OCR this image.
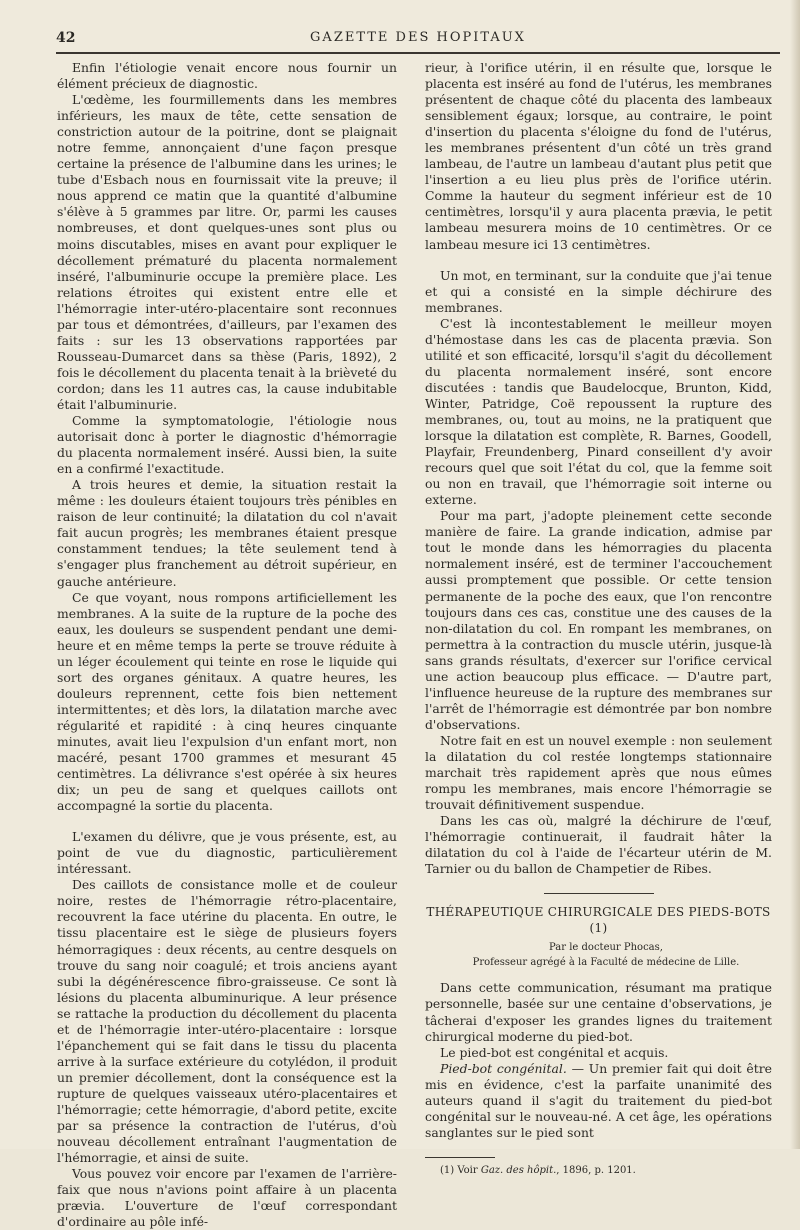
42	GAZETTE DES HOPITAUX

Enfin l'étiologie venait encore nous fournir un élément précieux de diagnostic.

L'œdème, les fourmillements dans les membres inférieurs, les maux de tête, cette sensation de constriction autour de la poitrine, dont se plaignait notre femme, annonçaient d'une façon presque certaine la présence de l'albumine dans les urines; le tube d'Esbach nous en fournissait vite la preuve; il nous apprend ce matin que la quantité d'albumine s'élève à 5 grammes par litre. Or, parmi les causes nombreuses, et dont quelques-unes sont plus ou moins discutables, mises en avant pour expliquer le décollement prématuré du placenta normalement inséré, l'albuminurie occupe la première place. Les relations étroites qui existent entre elle et l'hémorragie inter-utéro-placentaire sont reconnues par tous et démontrées, d'ailleurs, par l'examen des faits : sur les 13 observations rapportées par Rousseau-Dumarcet dans sa thèse (Paris, 1892), 2 fois le décollement du placenta tenait à la brièveté du cordon; dans les 11 autres cas, la cause indubitable était l'albuminurie.

Comme la symptomatologie, l'étiologie nous autorisait donc à porter le diagnostic d'hémorragie du placenta normalement inséré. Aussi bien, la suite en a confirmé l'exactitude.

A trois heures et demie, la situation restait la même : les douleurs étaient toujours très pénibles en raison de leur continuité; la dilatation du col n'avait fait aucun progrès; les membranes étaient presque constamment tendues; la tête seulement tend à s'engager plus franchement au détroit supérieur, en gauche antérieure.

Ce que voyant, nous rompons artificiellement les membranes. A la suite de la rupture de la poche des eaux, les douleurs se suspendent pendant une demi-heure et en même temps la perte se trouve réduite à un léger écoulement qui teinte en rose le liquide qui sort des organes génitaux. A quatre heures, les douleurs reprennent, cette fois bien nettement intermittentes; et dès lors, la dilatation marche avec régularité et rapidité : à cinq heures cinquante minutes, avait lieu l'expulsion d'un enfant mort, non macéré, pesant 1700 grammes et mesurant 45 centimètres. La délivrance s'est opérée à six heures dix; un peu de sang et quelques caillots ont accompagné la sortie du placenta.

L'examen du délivre, que je vous présente, est, au point de vue du diagnostic, particulièrement intéressant.

Des caillots de consistance molle et de couleur noire, restes de l'hémorragie rétro-placentaire, recouvrent la face utérine du placenta. En outre, le tissu placentaire est le siège de plusieurs foyers hémorragiques : deux récents, au centre desquels on trouve du sang noir coagulé; et trois anciens ayant subi la dégénérescence fibro-graisseuse. Ce sont là lésions du placenta albuminurique. A leur présence se rattache la production du décollement du placenta et de l'hémorragie inter-utéro-placentaire : lorsque l'épanchement qui se fait dans le tissu du placenta arrive à la surface extérieure du cotylédon, il produit un premier décollement, dont la conséquence est la rupture de quelques vaisseaux utéro-placentaires et l'hémorragie; cette hémorragie, d'abord petite, excite par sa présence la contraction de l'utérus, d'où nouveau décollement entraînant l'augmentation de l'hémorragie, et ainsi de suite.

Vous pouvez voir encore par l'examen de l'arrière-faix que nous n'avions point affaire à un placenta prævia. L'ouverture de l'œuf correspondant d'ordinaire au pôle infé-

rieur, à l'orifice utérin, il en résulte que, lorsque le placenta est inséré au fond de l'utérus, les membranes présentent de chaque côté du placenta des lambeaux sensiblement égaux; lorsque, au contraire, le point d'insertion du placenta s'éloigne du fond de l'utérus, les membranes présentent d'un côté un très grand lambeau, de l'autre un lambeau d'autant plus petit que l'insertion a eu lieu plus près de l'orifice utérin. Comme la hauteur du segment inférieur est de 10 centimètres, lorsqu'il y aura placenta prævia, le petit lambeau mesurera moins de 10 centimètres. Or ce lambeau mesure ici 13 centimètres.

Un mot, en terminant, sur la conduite que j'ai tenue et qui a consisté en la simple déchirure des membranes.

C'est là incontestablement le meilleur moyen d'hémostase dans les cas de placenta prævia. Son utilité et son efficacité, lorsqu'il s'agit du décollement du placenta normalement inséré, sont encore discutées : tandis que Baudelocque, Brunton, Kidd, Winter, Patridge, Coë repoussent la rupture des membranes, ou, tout au moins, ne la pratiquent que lorsque la dilatation est complète, R. Barnes, Goodell, Playfair, Freundenberg, Pinard conseillent d'y avoir recours quel que soit l'état du col, que la femme soit ou non en travail, que l'hémorragie soit interne ou externe.

Pour ma part, j'adopte pleinement cette seconde manière de faire. La grande indication, admise par tout le monde dans les hémorragies du placenta normalement inséré, est de terminer l'accouchement aussi promptement que possible. Or cette tension permanente de la poche des eaux, que l'on rencontre toujours dans ces cas, constitue une des causes de la non-dilatation du col. En rompant les membranes, on permettra à la contraction du muscle utérin, jusque-là sans grands résultats, d'exercer sur l'orifice cervical une action beaucoup plus efficace. — D'autre part, l'influence heureuse de la rupture des membranes sur l'arrêt de l'hémorragie est démontrée par bon nombre d'observations.

Notre fait en est un nouvel exemple : non seulement la dilatation du col restée longtemps stationnaire marchait très rapidement après que nous eûmes rompu les membranes, mais encore l'hémorragie se trouvait définitivement suspendue.

Dans les cas où, malgré la déchirure de l'œuf, l'hémorragie continuerait, il faudrait hâter la dilatation du col à l'aide de l'écarteur utérin de M. Tarnier ou du ballon de Champetier de Ribes.

THÉRAPEUTIQUE CHIRURGICALE DES PIEDS-BOTS (1)

Par le docteur Phocas,

Professeur agrégé à la Faculté de médecine de Lille.

Dans cette communication, résumant ma pratique personnelle, basée sur une centaine d'observations, je tâcherai d'exposer les grandes lignes du traitement chirurgical moderne du pied-bot.

Le pied-bot est congénital et acquis.

Pied-bot congénital. — Un premier fait qui doit être mis en évidence, c'est la parfaite unanimité des auteurs quand il s'agit du traitement du pied-bot congénital sur le nouveau-né. A cet âge, les opérations sanglantes sur le pied sont

(1) Voir Gaz. des hôpit., 1896, p. 1201.
